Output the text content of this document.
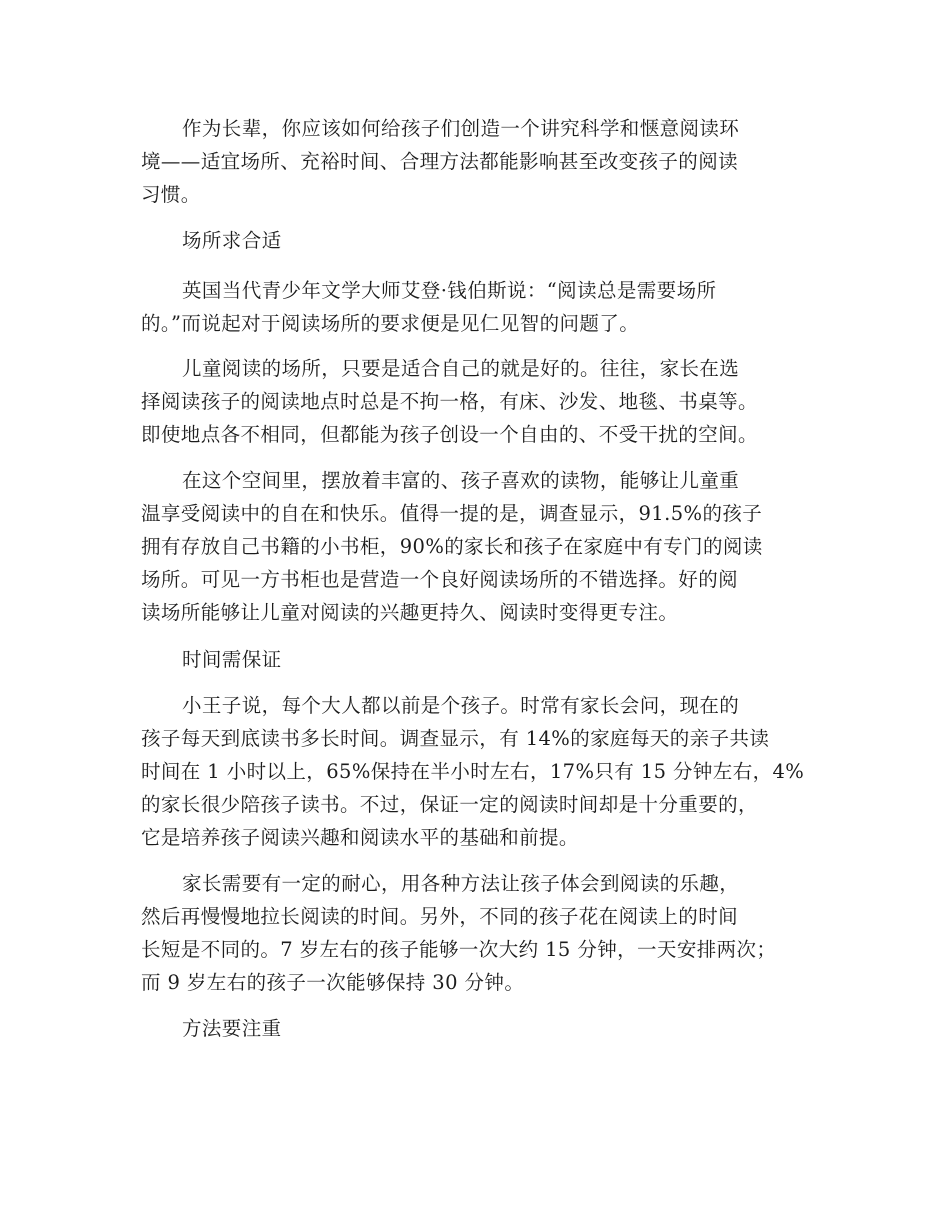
作为长辈，你应该如何给孩子们创造一个讲究科学和惬意阅读环
境——适宜场所、充裕时间、合理方法都能影响甚至改变孩子的阅读
习惯。
场所求合适
英国当代青少年文学大师艾登·钱伯斯说：“阅读总是需要场所
的。”而说起对于阅读场所的要求便是见仁见智的问题了。
儿童阅读的场所，只要是适合自己的就是好的。往往，家长在选
择阅读孩子的阅读地点时总是不拘一格，有床、沙发、地毯、书桌等。
即使地点各不相同，但都能为孩子创设一个自由的、不受干扰的空间。
在这个空间里，摆放着丰富的、孩子喜欢的读物，能够让儿童重
温享受阅读中的自在和快乐。值得一提的是，调查显示，91.5%的孩子
拥有存放自己书籍的小书柜，90%的家长和孩子在家庭中有专门的阅读
场所。可见一方书柜也是营造一个良好阅读场所的不错选择。好的阅
读场所能够让儿童对阅读的兴趣更持久、阅读时变得更专注。
时间需保证
小王子说，每个大人都以前是个孩子。时常有家长会问，现在的
孩子每天到底读书多长时间。调查显示，有 14%的家庭每天的亲子共读
时间在 1 小时以上，65%保持在半小时左右，17%只有 15 分钟左右，4%
的家长很少陪孩子读书。不过，保证一定的阅读时间却是十分重要的，
它是培养孩子阅读兴趣和阅读水平的基础和前提。
家长需要有一定的耐心，用各种方法让孩子体会到阅读的乐趣，
然后再慢慢地拉长阅读的时间。另外，不同的孩子花在阅读上的时间
长短是不同的。7 岁左右的孩子能够一次大约 15 分钟，一天安排两次；
而 9 岁左右的孩子一次能够保持 30 分钟。
方法要注重
